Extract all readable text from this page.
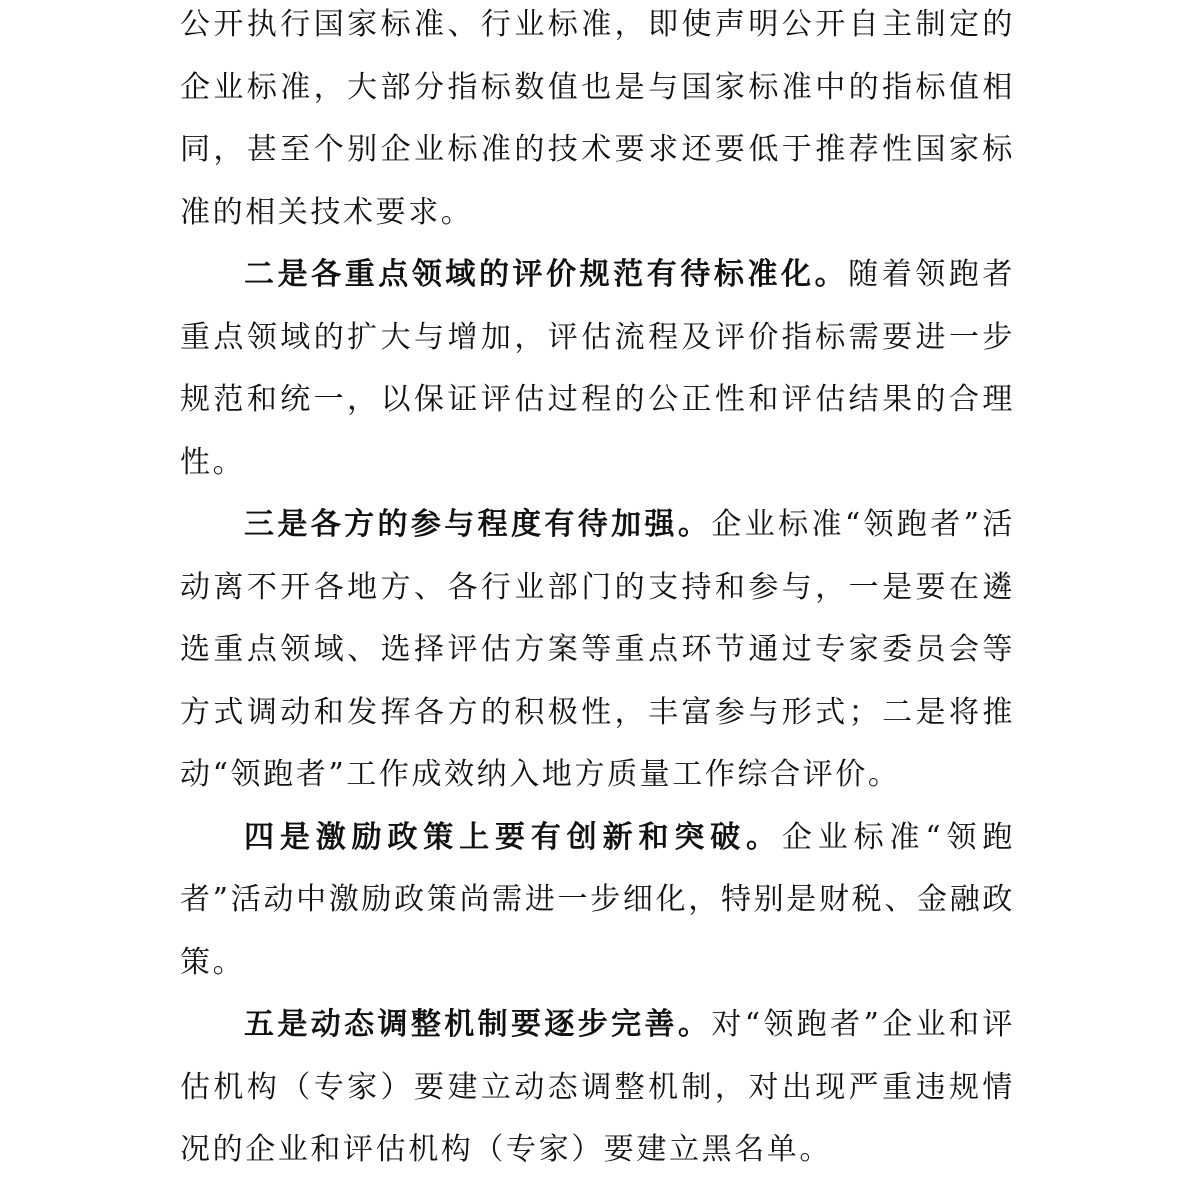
公开执行国家标准、行业标准，即使声明公开自主制定的企业标准，大部分指标数值也是与国家标准中的指标值相同，甚至个别企业标准的技术要求还要低于推荐性国家标准的相关技术要求。

二是各重点领域的评价规范有待标准化。随着领跑者重点领域的扩大与增加，评估流程及评价指标需要进一步规范和统一，以保证评估过程的公正性和评估结果的合理性。

三是各方的参与程度有待加强。企业标准“领跑者”活动离不开各地方、各行业部门的支持和参与，一是要在遴选重点领域、选择评估方案等重点环节通过专家委员会等方式调动和发挥各方的积极性，丰富参与形式；二是将推动“领跑者”工作成效纳入地方质量工作综合评价。

四是激励政策上要有创新和突破。企业标准“领跑者”活动中激励政策尚需进一步细化，特别是财税、金融政策。

五是动态调整机制要逐步完善。对“领跑者”企业和评估机构（专家）要建立动态调整机制，对出现严重违规情况的企业和评估机构（专家）要建立黑名单。
